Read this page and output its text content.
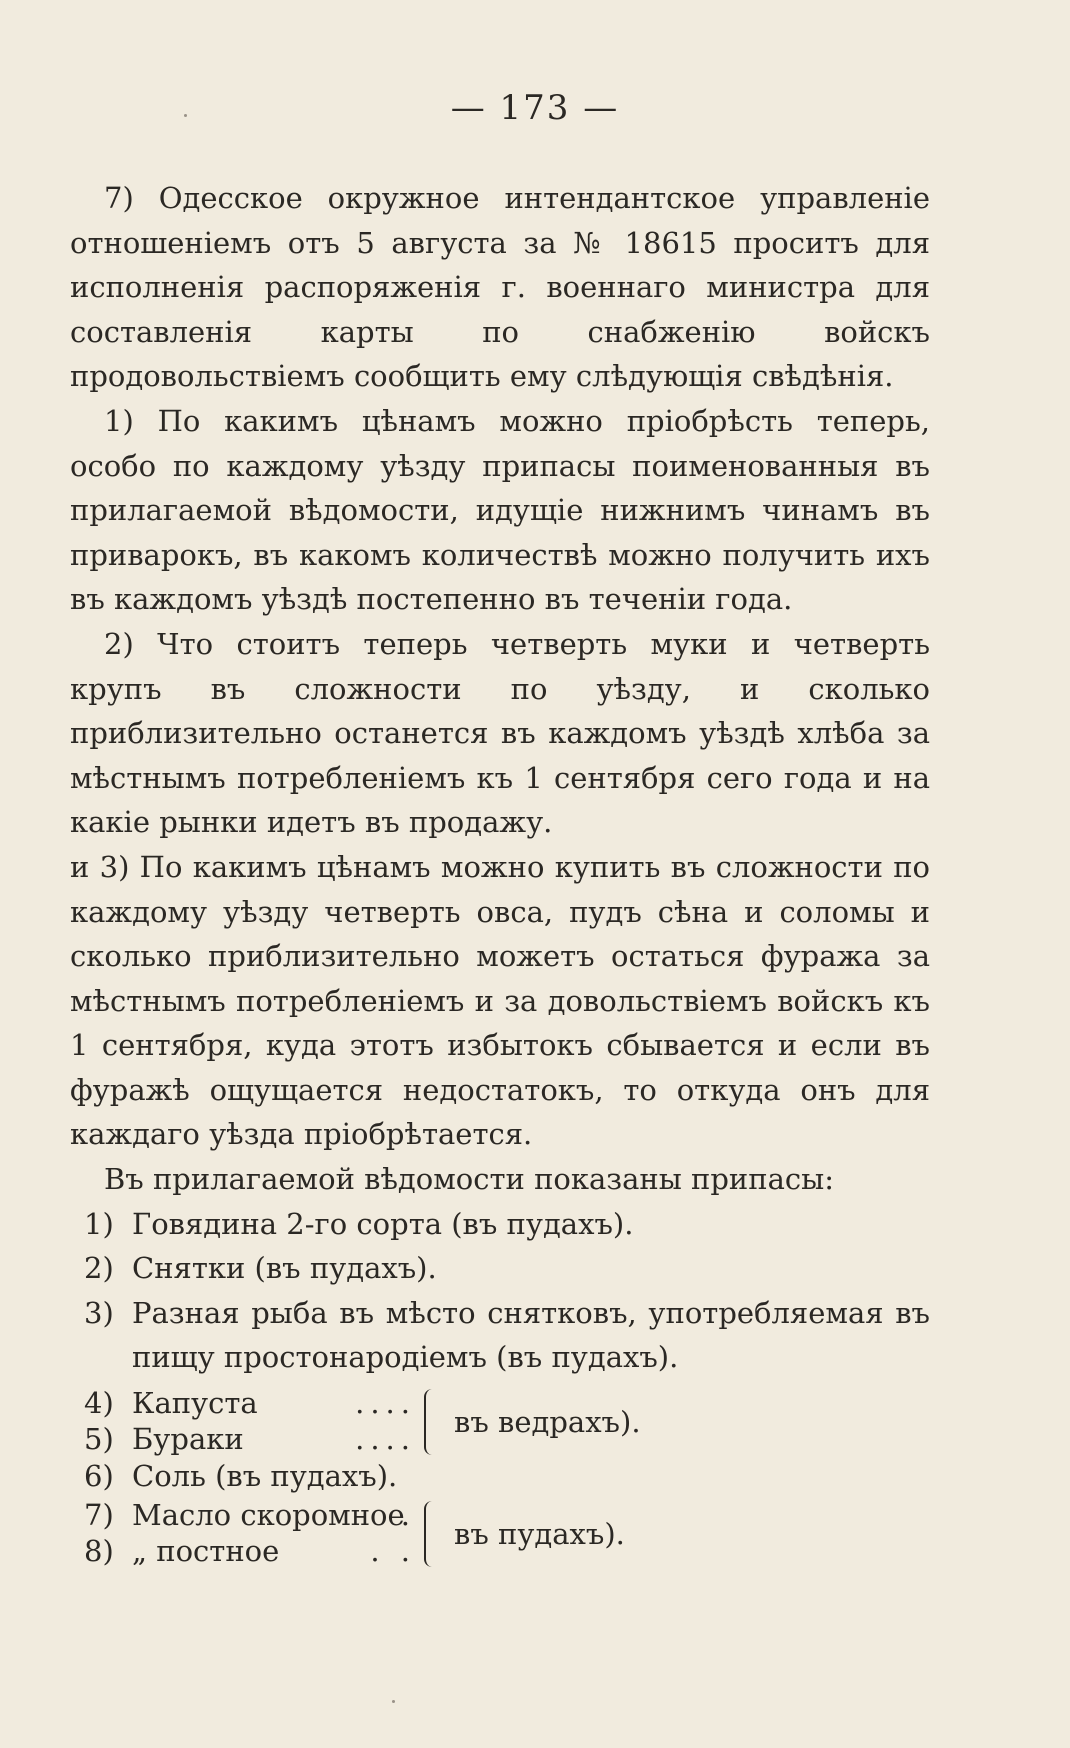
— 173 —

7) Одесское окружное интендантское управленіе отношеніемъ отъ 5 августа за № 18615 проситъ для исполненія распоряженія г. военнаго министра для составленія карты по снабженію войскъ продовольствіемъ сообщить ему слѣдующія свѣдѣнія.

1) По какимъ цѣнамъ можно пріобрѣсть теперь, особо по каждому уѣзду припасы поименованныя въ прилагаемой вѣдомости, идущіе нижнимъ чинамъ въ приварокъ, въ какомъ количествѣ можно получить ихъ въ каждомъ уѣздѣ постепенно въ теченіи года.

2) Что стоитъ теперь четверть муки и четверть крупъ въ сложности по уѣзду, и сколько приблизительно останется въ каждомъ уѣздѣ хлѣба за мѣстнымъ потребленіемъ къ 1 сентября сего года и на какіе рынки идетъ въ продажу.

и 3) По какимъ цѣнамъ можно купить въ сложности по каждому уѣзду четверть овса, пудъ сѣна и соломы и сколько приблизительно можетъ остаться фуража за мѣстнымъ потребленіемъ и за довольствіемъ войскъ къ 1 сентября, куда этотъ избытокъ сбывается и если въ фуражѣ ощущается недостатокъ, то откуда онъ для каждаго уѣзда пріобрѣтается.

Въ прилагаемой вѣдомости показаны припасы:

1) Говядина 2-го сорта (въ пудахъ).
2) Снятки (въ пудахъ).
3) Разная рыба въ мѣсто снятковъ, употребляемая въ пищу простонародіемъ (въ пудахъ).
4) Капуста	....
5) Бураки	....
въ ведрахъ).
6) Соль (въ пудахъ).
7) Масло скоромное
.
8) „ постное	. .
въ пудахъ).
